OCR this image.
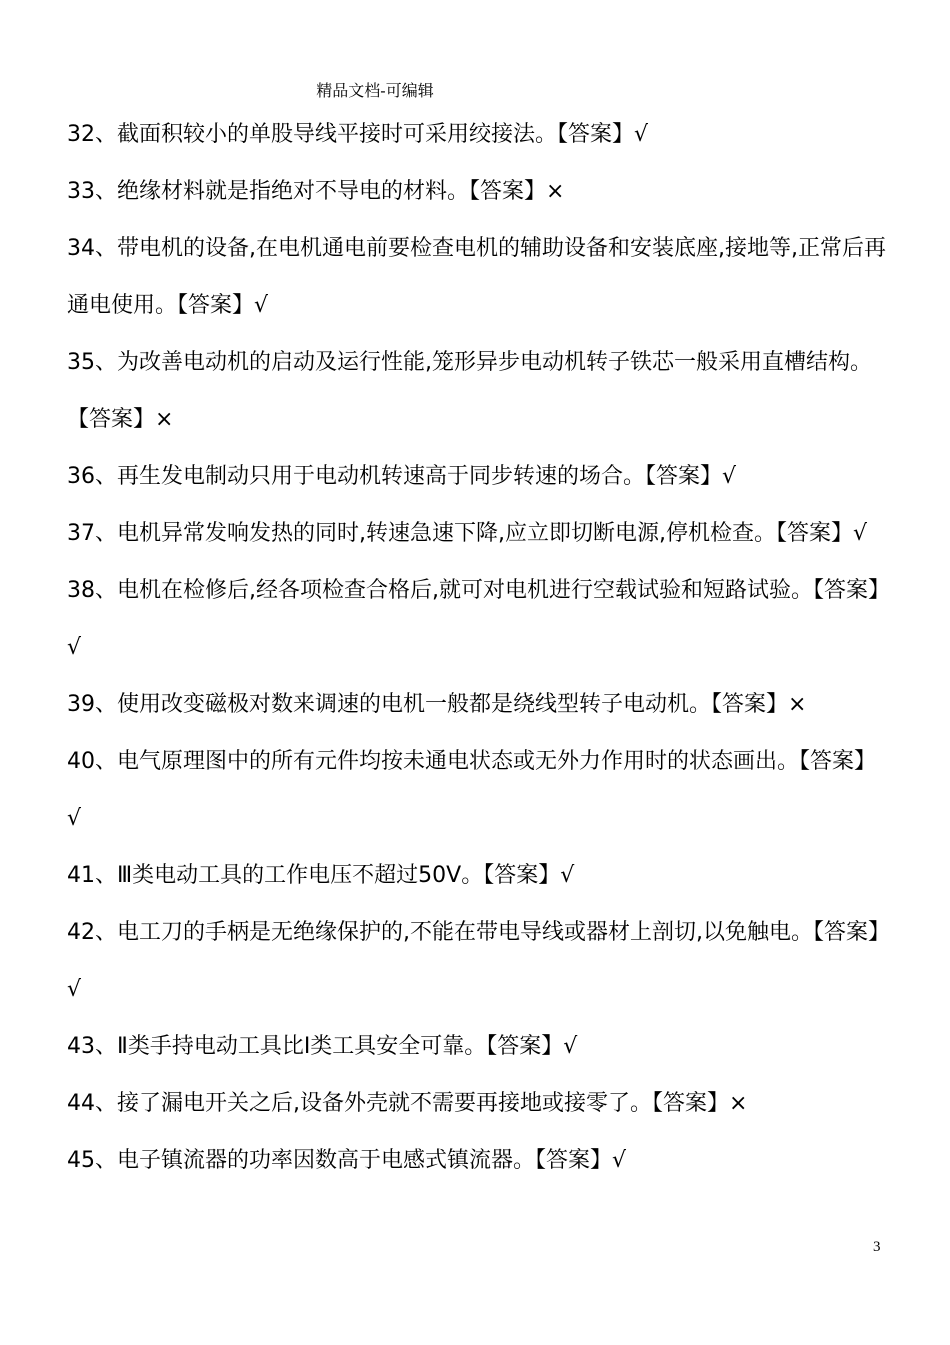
精品文档-可编辑

32、截面积较小的单股导线平接时可采用绞接法。【答案】√

33、绝缘材料就是指绝对不导电的材料。【答案】×

34、带电机的设备,在电机通电前要检查电机的辅助设备和安装底座,接地等,正常后再通电使用。【答案】√

35、为改善电动机的启动及运行性能,笼形异步电动机转子铁芯一般采用直槽结构。【答案】×

36、再生发电制动只用于电动机转速高于同步转速的场合。【答案】√

37、电机异常发响发热的同时,转速急速下降,应立即切断电源,停机检查。【答案】√

38、电机在检修后,经各项检查合格后,就可对电机进行空载试验和短路试验。【答案】√

39、使用改变磁极对数来调速的电机一般都是绕线型转子电动机。【答案】×

40、电气原理图中的所有元件均按未通电状态或无外力作用时的状态画出。【答案】√

41、Ⅲ类电动工具的工作电压不超过50V。【答案】√

42、电工刀的手柄是无绝缘保护的,不能在带电导线或器材上剖切,以免触电。【答案】√

43、Ⅱ类手持电动工具比Ⅰ类工具安全可靠。【答案】√

44、接了漏电开关之后,设备外壳就不需要再接地或接零了。【答案】×

45、电子镇流器的功率因数高于电感式镇流器。【答案】√

3
